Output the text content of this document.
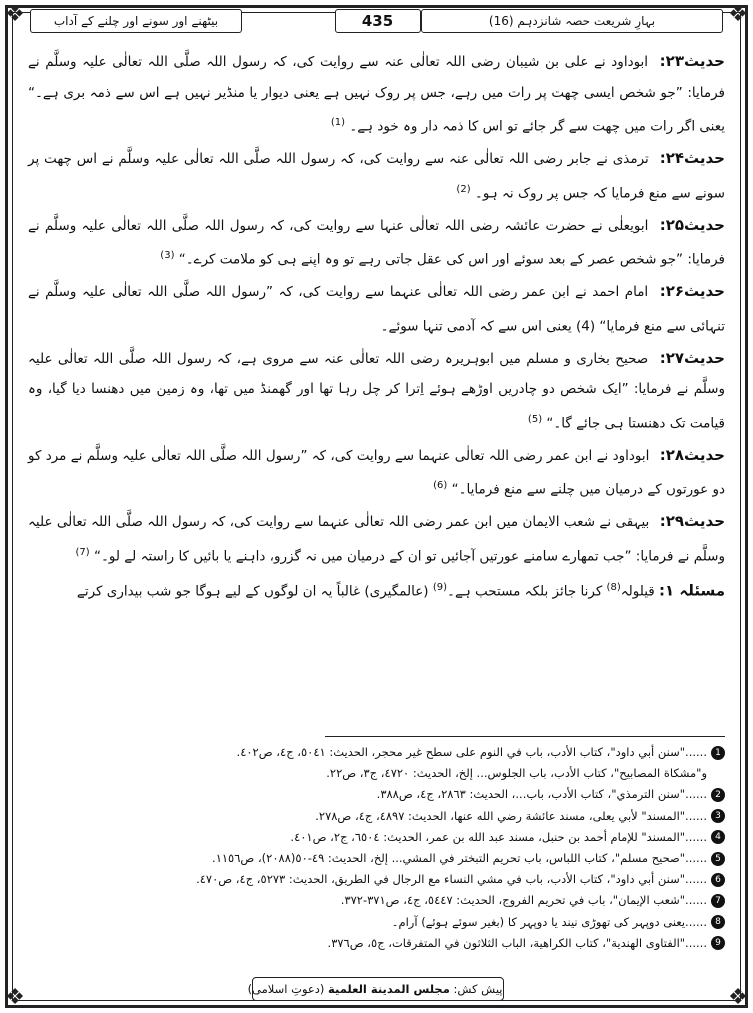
❖	❖
❖	❖
بہارِ شریعت حصہ شانزدہم (16)
435
بیٹھنے اور سونے اور چلنے کے آداب

حدیث۲۳: ابوداود نے علی بن شیبان رضی اللہ تعالٰی عنہ سے روایت کی، کہ رسول اللہ صلَّی اللہ تعالٰی علیہ وسلَّم نے فرمایا: ”جو شخص ایسی چھت پر رات میں رہے، جس پر روک نہیں ہے یعنی دیوار یا منڈیر نہیں ہے اس سے ذمہ بری ہے۔“ یعنی اگر رات میں چھت سے گر جائے تو اس کا ذمہ دار وہ خود ہے۔ $^{(1)}$

حدیث۲۴: ترمذی نے جابر رضی اللہ تعالٰی عنہ سے روایت کی، کہ رسول اللہ صلَّی اللہ تعالٰی علیہ وسلَّم نے اس چھت پر سونے سے منع فرمایا کہ جس پر روک نہ ہو۔ $^{(2)}$

حدیث۲۵: ابویعلٰی نے حضرت عائشہ رضی اللہ تعالٰی عنہا سے روایت کی، کہ رسول اللہ صلَّی اللہ تعالٰی علیہ وسلَّم نے فرمایا: ”جو شخص عصر کے بعد سوئے اور اس کی عقل جاتی رہے تو وہ اپنے ہی کو ملامت کرے۔“ $^{(3)}$

حدیث۲۶: امام احمد نے ابن عمر رضی اللہ تعالٰی عنہما سے روایت کی، کہ ”رسول اللہ صلَّی اللہ تعالٰی علیہ وسلَّم نے تنہائی سے منع فرمایا“ (4) یعنی اس سے کہ آدمی تنہا سوئے۔

حدیث۲۷: صحیح بخاری و مسلم میں ابوہریرہ رضی اللہ تعالٰی عنہ سے مروی ہے، کہ رسول اللہ صلَّی اللہ تعالٰی علیہ وسلَّم نے فرمایا: ”ایک شخص دو چادریں اوڑھے ہوئے اِترا کر چل رہا تھا اور گھمنڈ میں تھا، وہ زمین میں دھنسا دیا گیا، وہ قیامت تک دھنستا ہی جائے گا۔“ $^{(5)}$

حدیث۲۸: ابوداود نے ابن عمر رضی اللہ تعالٰی عنہما سے روایت کی، کہ ”رسول اللہ صلَّی اللہ تعالٰی علیہ وسلَّم نے مرد کو دو عورتوں کے درمیان میں چلنے سے منع فرمایا۔“ $^{(6)}$

حدیث۲۹: بیہقی نے شعب الایمان میں ابن عمر رضی اللہ تعالٰی عنہما سے روایت کی، کہ رسول اللہ صلَّی اللہ تعالٰی علیہ وسلَّم نے فرمایا: ”جب تمھارے سامنے عورتیں آجائیں تو ان کے درمیان میں نہ گزرو، داہنے یا بائیں کا راستہ لے لو۔“ $^{(7)}$

مسئلہ ۱: قیلولہ$^{(8)}$ کرنا جائز بلکہ مستحب ہے۔$^{(9)}$ (عالمگیری) غالباً یہ ان لوگوں کے لیے ہوگا جو شب بیداری کرتے

1
......"سنن أبي داود"، كتاب الأدب، باب في النوم على سطح غير محجر، الحديث: ٥٠٤١، ج٤، ص٤٠٢.
و"مشكاة المصابيح"، كتاب الأدب، باب الجلوس... إلخ، الحديث: ٤٧٢٠، ج٣، ص٢٢.
2
......"سنن الترمذي"، كتاب الأدب، باب...، الحديث: ٢٨٦٣، ج٤، ص٣٨٨.
3
......"المسند" لأبي يعلى، مسند عائشة رضي الله عنها، الحديث: ٤٨٩٧، ج٤، ص٢٧٨.
4
......"المسند" للإمام أحمد بن حنبل، مسند عبد الله بن عمر، الحديث: ٦٥٠٤، ج٢، ص٤٠١.
5
......"صحيح مسلم"، كتاب اللباس، باب تحريم التبختر في المشي... إلخ، الحديث: ٤٩-٥٠(٢٠٨٨)، ص١١٥٦.
6
......"سنن أبي داود"، كتاب الأدب، باب في مشي النساء مع الرجال في الطريق، الحديث: ٥٢٧٣، ج٤، ص٤٧٠.
7
......"شعب الإيمان"، باب في تحريم الفروج، الحديث: ٥٤٤٧، ج٤، ص٣٧١-٣٧٢.
8
......یعنی دوپہر کی تھوڑی نیند یا دوپہر کا (بغیر سوئے ہوئے) آرام۔
9
......"الفتاوى الهندية"، كتاب الكراهية، الباب الثلاثون في المتفرقات، ج٥، ص٣٧٦.
پیش کش: مجلس المدينة العلمية (دعوتِ اسلامی)
